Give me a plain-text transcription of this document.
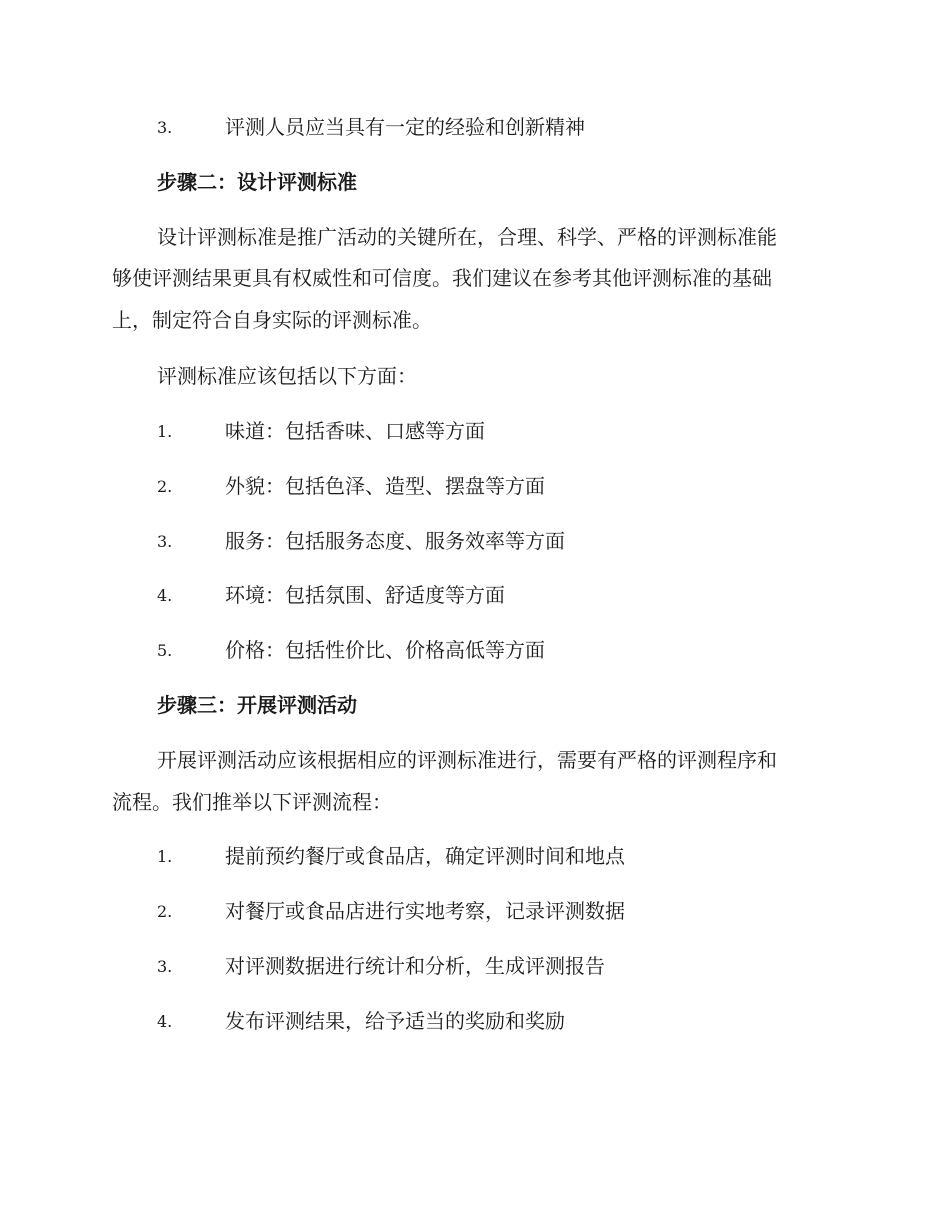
3.	评测人员应当具有一定的经验和创新精神
步骤二：设计评测标准
设计评测标准是推广活动的关键所在，合理、科学、严格的评测标准能
够使评测结果更具有权威性和可信度。我们建议在参考其他评测标准的基础
上，制定符合自身实际的评测标准。
评测标准应该包括以下方面：
1.	味道：包括香味、口感等方面
2.	外貌：包括色泽、造型、摆盘等方面
3.	服务：包括服务态度、服务效率等方面
4.	环境：包括氛围、舒适度等方面
5.	价格：包括性价比、价格高低等方面
步骤三：开展评测活动
开展评测活动应该根据相应的评测标准进行，需要有严格的评测程序和
流程。我们推举以下评测流程：
1.	提前预约餐厅或食品店，确定评测时间和地点
2.	对餐厅或食品店进行实地考察，记录评测数据
3.	对评测数据进行统计和分析，生成评测报告
4.	发布评测结果，给予适当的奖励和奖励
